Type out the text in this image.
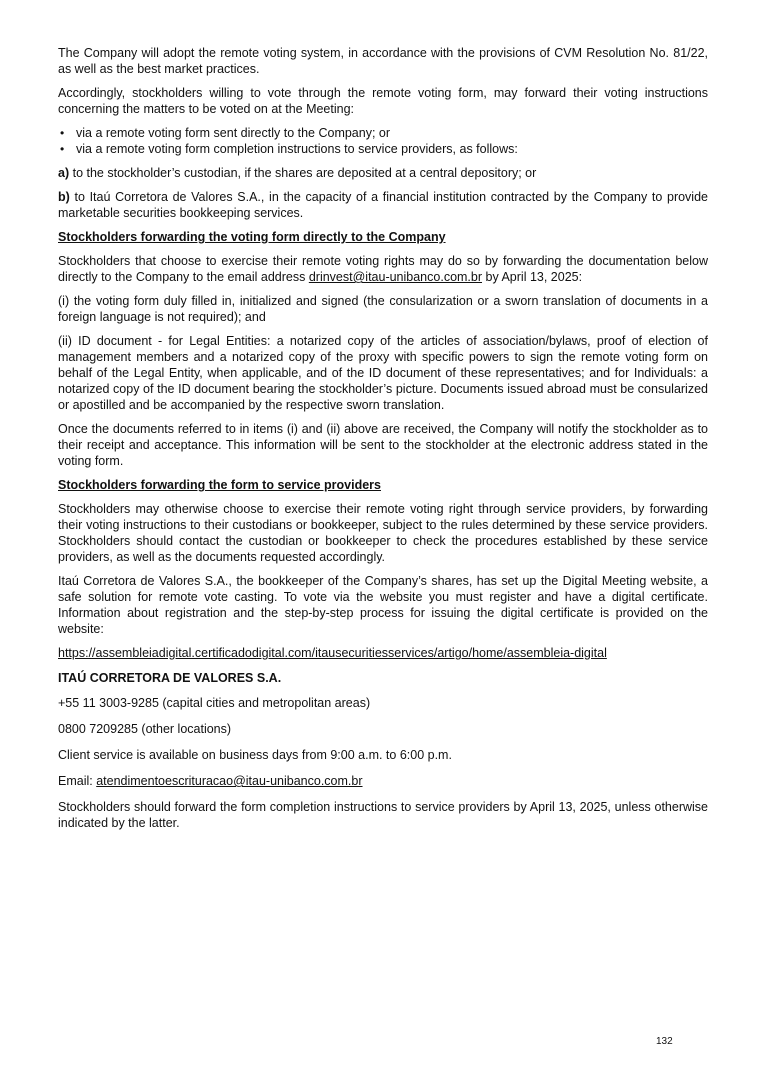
The Company will adopt the remote voting system, in accordance with the provisions of CVM Resolution No. 81/22, as well as the best market practices.

Accordingly, stockholders willing to vote through the remote voting form, may forward their voting instructions concerning the matters to be voted on at the Meeting:

• via a remote voting form sent directly to the Company; or
• via a remote voting form completion instructions to service providers, as follows:

a) to the stockholder’s custodian, if the shares are deposited at a central depository; or

b) to Itaú Corretora de Valores S.A., in the capacity of a financial institution contracted by the Company to provide marketable securities bookkeeping services.

Stockholders forwarding the voting form directly to the Company

Stockholders that choose to exercise their remote voting rights may do so by forwarding the documentation below directly to the Company to the email address drinvest@itau-unibanco.com.br by April 13, 2025:

(i) the voting form duly filled in, initialized and signed (the consularization or a sworn translation of documents in a foreign language is not required); and

(ii) ID document - for Legal Entities: a notarized copy of the articles of association/bylaws, proof of election of management members and a notarized copy of the proxy with specific powers to sign the remote voting form on behalf of the Legal Entity, when applicable, and of the ID document of these representatives; and for Individuals: a notarized copy of the ID document bearing the stockholder’s picture. Documents issued abroad must be consularized or apostilled and be accompanied by the respective sworn translation.

Once the documents referred to in items (i) and (ii) above are received, the Company will notify the stockholder as to their receipt and acceptance. This information will be sent to the stockholder at the electronic address stated in the voting form.

Stockholders forwarding the form to service providers

Stockholders may otherwise choose to exercise their remote voting right through service providers, by forwarding their voting instructions to their custodians or bookkeeper, subject to the rules determined by these service providers. Stockholders should contact the custodian or bookkeeper to check the procedures established by these service providers, as well as the documents requested accordingly.

Itaú Corretora de Valores S.A., the bookkeeper of the Company’s shares, has set up the Digital Meeting website, a safe solution for remote vote casting. To vote via the website you must register and have a digital certificate. Information about registration and the step-by-step process for issuing the digital certificate is provided on the website:

https://assembleiadigital.certificadodigital.com/itausecuritiesservices/artigo/home/assembleia-digital

ITAÚ CORRETORA DE VALORES S.A.

+55 11 3003-9285 (capital cities and metropolitan areas)

0800 7209285 (other locations)

Client service is available on business days from 9:00 a.m. to 6:00 p.m.

Email: atendimentoescrituracao@itau-unibanco.com.br

Stockholders should forward the form completion instructions to service providers by April 13, 2025, unless otherwise indicated by the latter.

132
